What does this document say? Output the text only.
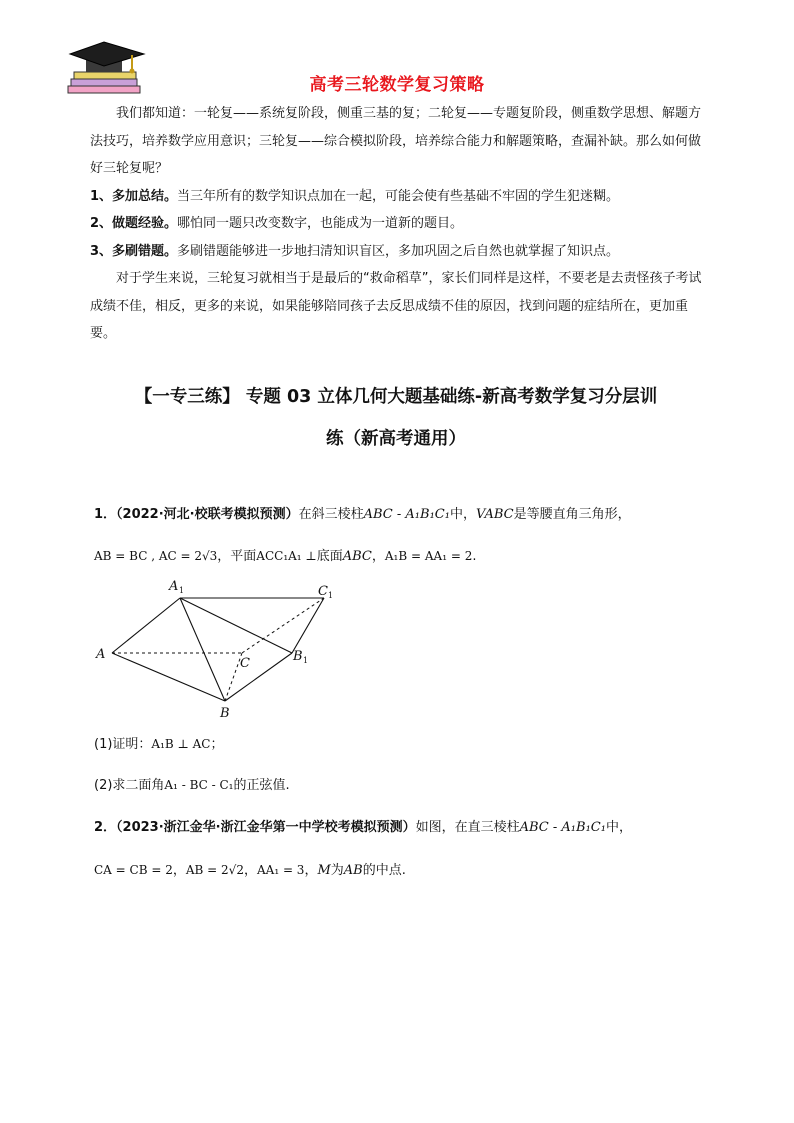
高考三轮数学复习策略

我们都知道：一轮复——系统复阶段，侧重三基的复；二轮复——专题复阶段，侧重数学思想、解题方法技巧，培养数学应用意识；三轮复——综合模拟阶段，培养综合能力和解题策略，查漏补缺。那么如何做好三轮复呢？

1、多加总结。当三年所有的数学知识点加在一起，可能会使有些基础不牢固的学生犯迷糊。

2、做题经验。哪怕同一题只改变数字，也能成为一道新的题目。

3、多刷错题。多刷错题能够进一步地扫清知识盲区，多加巩固之后自然也就掌握了知识点。

对于学生来说，三轮复习就相当于是最后的“救命稻草”，家长们同样是这样，不要老是去责怪孩子考试成绩不佳，相反，更多的来说，如果能够陪同孩子去反思成绩不佳的原因，找到问题的症结所在，更加重要。

【一专三练】 专题 03 立体几何大题基础练-新高考数学复习分层训
练（新高考通用）
1．（2022·河北·校联考模拟预测）在斜三棱柱ABC - A₁B₁C₁中，VABC是等腰直角三角形，
AB = BC , AC = 2√3，平面ACC₁A₁ ⊥底面ABC，A₁B = AA₁ = 2.
A
A 1	C 1
C	B 1
B
(1)证明：A₁B ⊥ AC；
(2)求二面角A₁ - BC - C₁的正弦值.
2．（2023·浙江金华·浙江金华第一中学校考模拟预测）如图，在直三棱柱ABC - A₁B₁C₁中，
CA = CB = 2，AB = 2√2，AA₁ = 3，M为AB的中点.
